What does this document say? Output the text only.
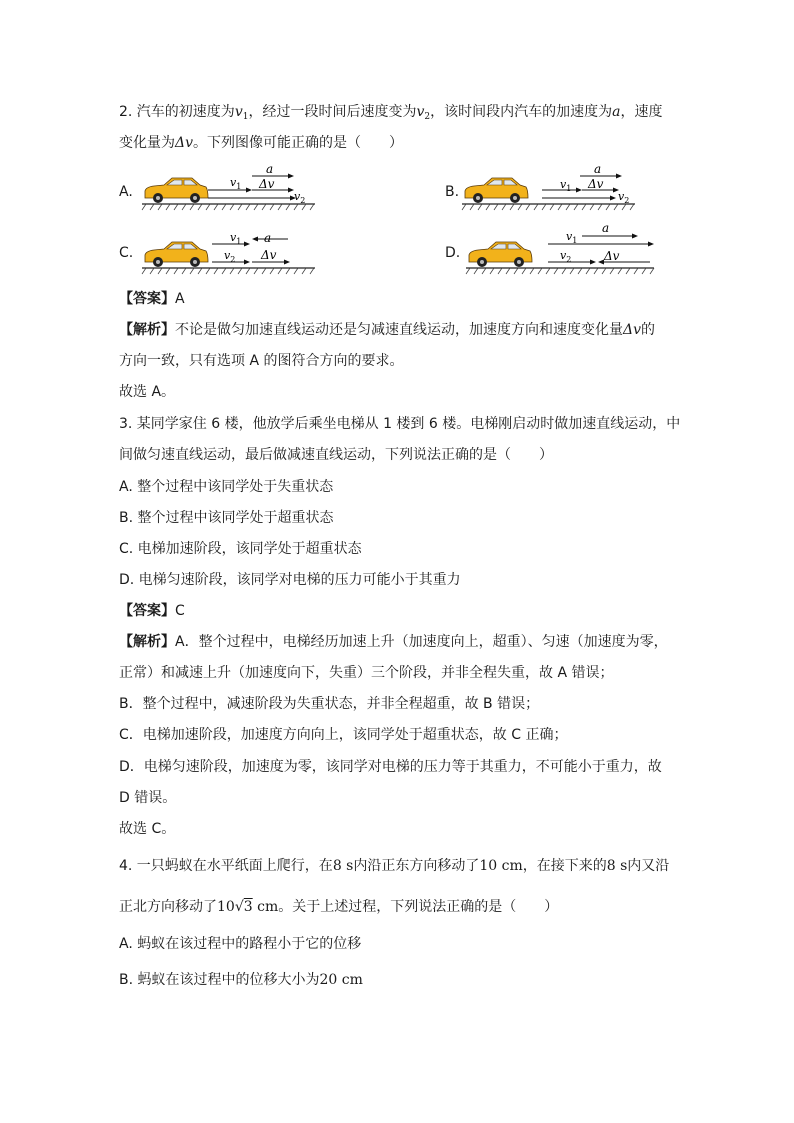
2. 汽车的初速度为$v_1$，经过一段时间后速度变为$v_2$，该时间段内汽车的加速度为a，速度
变化量为Δv。下列图像可能正确的是（　　）
A.
a
Δv
$v_1$
$v_2$
B.
a
$v_1$ Δv
$v_2$
C.
$v_1$ a
$v_2$ Δv	D.
a
$v_1$
$v_2$	Δv
【答案】A
【解析】不论是做匀加速直线运动还是匀减速直线运动，加速度方向和速度变化量Δv的
方向一致，只有选项 A 的图符合方向的要求。
故选 A。
3. 某同学家住 6 楼，他放学后乘坐电梯从 1 楼到 6 楼。电梯刚启动时做加速直线运动，中
间做匀速直线运动，最后做减速直线运动，下列说法正确的是（　　）
A. 整个过程中该同学处于失重状态
B. 整个过程中该同学处于超重状态
C. 电梯加速阶段，该同学处于超重状态
D. 电梯匀速阶段，该同学对电梯的压力可能小于其重力
【答案】C
【解析】A．整个过程中，电梯经历加速上升（加速度向上，超重）、匀速（加速度为零，
正常）和减速上升（加速度向下，失重）三个阶段，并非全程失重，故 A 错误；
B．整个过程中，减速阶段为失重状态，并非全程超重，故 B 错误；
C．电梯加速阶段，加速度方向向上，该同学处于超重状态，故 C 正确；
D．电梯匀速阶段，加速度为零，该同学对电梯的压力等于其重力，不可能小于重力，故
D 错误。
故选 C。
4. 一只蚂蚁在水平纸面上爬行，在8 s内沿正东方向移动了10 cm，在接下来的8 s内又沿
正北方向移动了10√3 cm。关于上述过程，下列说法正确的是（　　）
A. 蚂蚁在该过程中的路程小于它的位移
B. 蚂蚁在该过程中的位移大小为20 cm
